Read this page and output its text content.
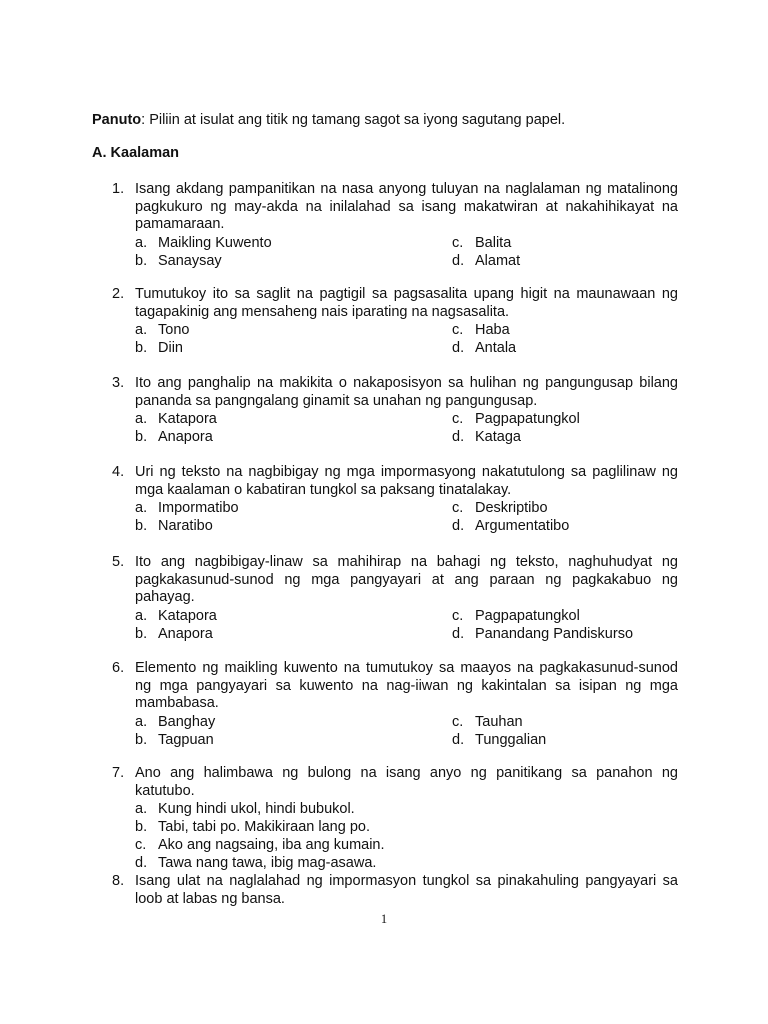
Panuto: Piliin at isulat ang titik ng tamang sagot sa iyong sagutang papel.
A. Kaalaman
1. Isang akdang pampanitikan na nasa anyong tuluyan na naglalaman ng matalinong pagkukuro ng may-akda na inilalahad sa isang makatwiran at nakahihikayat na pamamaraan.
a. Maikling Kuwento	c. Balita
b. Sanaysay	d. Alamat
2. Tumutukoy ito sa saglit na pagtigil sa pagsasalita upang higit na maunawaan ng tagapakinig ang mensaheng nais iparating na nagsasalita.
a. Tono	c. Haba
b. Diin	d. Antala
3. Ito ang panghalip na makikita o nakaposisyon sa hulihan ng pangungusap bilang pananda sa pangngalang ginamit sa unahan ng pangungusap.
a. Katapora	c. Pagpapatungkol
b. Anapora	d. Kataga
4. Uri ng teksto na nagbibigay ng mga impormasyong nakatutulong sa paglilinaw ng mga kaalaman o kabatiran tungkol sa paksang tinatalakay.
a. Impormatibo	c. Deskriptibo
b. Naratibo	d. Argumentatibo
5. Ito ang nagbibigay-linaw sa mahihirap na bahagi ng teksto, naghuhudyat ng pagkakasunud-sunod ng mga pangyayari at ang paraan ng pagkakabuo ng pahayag.
a. Katapora	c. Pagpapatungkol
b. Anapora	d. Panandang Pandiskurso
6. Elemento ng maikling kuwento na tumutukoy sa maayos na pagkakasunud-sunod ng mga pangyayari sa kuwento na nag-iiwan ng kakintalan sa isipan ng mga mambabasa.
a. Banghay	c. Tauhan
b. Tagpuan	d. Tunggalian
7. Ano ang halimbawa ng bulong na isang anyo ng panitikang sa panahon ng katutubo.
a. Kung hindi ukol, hindi bubukol.
b. Tabi, tabi po. Makikiraan lang po.
c. Ako ang nagsaing, iba ang kumain.
d. Tawa nang tawa, ibig mag-asawa.
8. Isang ulat na naglalahad ng impormasyon tungkol sa pinakahuling pangyayari sa loob at labas ng bansa.
1
